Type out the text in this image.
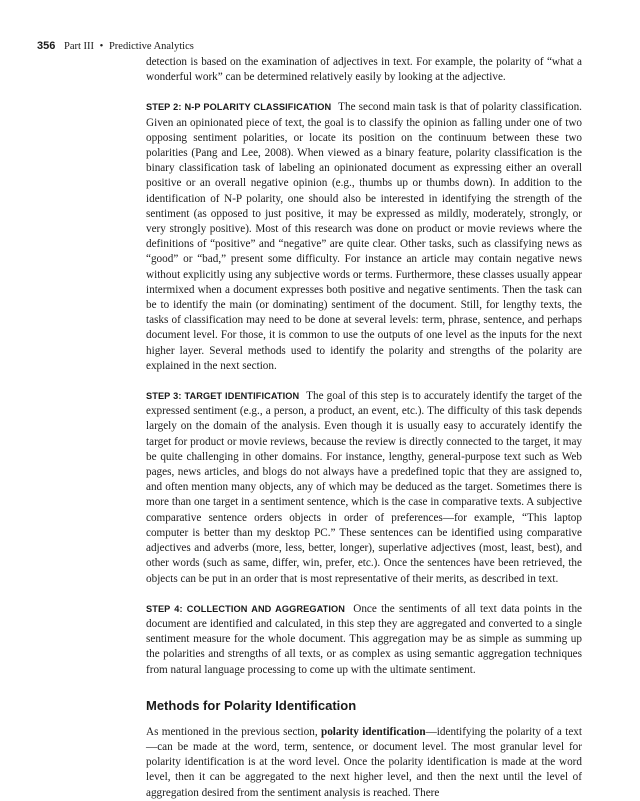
356 Part III • Predictive Analytics

detection is based on the examination of adjectives in text. For example, the polarity of “what a wonderful work” can be determined relatively easily by looking at the adjective.

STEP 2: N-P POLARITY CLASSIFICATION The second main task is that of polarity classification. Given an opinionated piece of text, the goal is to classify the opinion as falling under one of two opposing sentiment polarities, or locate its position on the continuum between these two polarities (Pang and Lee, 2008). When viewed as a binary feature, polarity classification is the binary classification task of labeling an opinionated document as expressing either an overall positive or an overall negative opinion (e.g., thumbs up or thumbs down). In addition to the identification of N-P polarity, one should also be interested in identifying the strength of the sentiment (as opposed to just positive, it may be expressed as mildly, moderately, strongly, or very strongly positive). Most of this research was done on product or movie reviews where the definitions of “positive” and “negative” are quite clear. Other tasks, such as classifying news as “good” or “bad,” present some difficulty. For instance an article may contain negative news without explicitly using any subjective words or terms. Furthermore, these classes usually appear intermixed when a document expresses both positive and negative sentiments. Then the task can be to identify the main (or dominating) sentiment of the document. Still, for lengthy texts, the tasks of classification may need to be done at several levels: term, phrase, sentence, and perhaps document level. For those, it is common to use the outputs of one level as the inputs for the next higher layer. Several methods used to identify the polarity and strengths of the polarity are explained in the next section.

STEP 3: TARGET IDENTIFICATION The goal of this step is to accurately identify the target of the expressed sentiment (e.g., a person, a product, an event, etc.). The difficulty of this task depends largely on the domain of the analysis. Even though it is usually easy to accurately identify the target for product or movie reviews, because the review is directly connected to the target, it may be quite challenging in other domains. For instance, lengthy, general-purpose text such as Web pages, news articles, and blogs do not always have a predefined topic that they are assigned to, and often mention many objects, any of which may be deduced as the target. Sometimes there is more than one target in a sentiment sentence, which is the case in comparative texts. A subjective comparative sentence orders objects in order of preferences—for example, “This laptop computer is better than my desktop PC.” These sentences can be identified using comparative adjectives and adverbs (more, less, better, longer), superlative adjectives (most, least, best), and other words (such as same, differ, win, prefer, etc.). Once the sentences have been retrieved, the objects can be put in an order that is most representative of their merits, as described in text.

STEP 4: COLLECTION AND AGGREGATION Once the sentiments of all text data points in the document are identified and calculated, in this step they are aggregated and converted to a single sentiment measure for the whole document. This aggregation may be as simple as summing up the polarities and strengths of all texts, or as complex as using semantic aggregation techniques from natural language processing to come up with the ultimate sentiment.

Methods for Polarity Identification

As mentioned in the previous section, polarity identification—identifying the polarity of a text—can be made at the word, term, sentence, or document level. The most granular level for polarity identification is at the word level. Once the polarity identification is made at the word level, then it can be aggregated to the next higher level, and then the next until the level of aggregation desired from the sentiment analysis is reached. There
